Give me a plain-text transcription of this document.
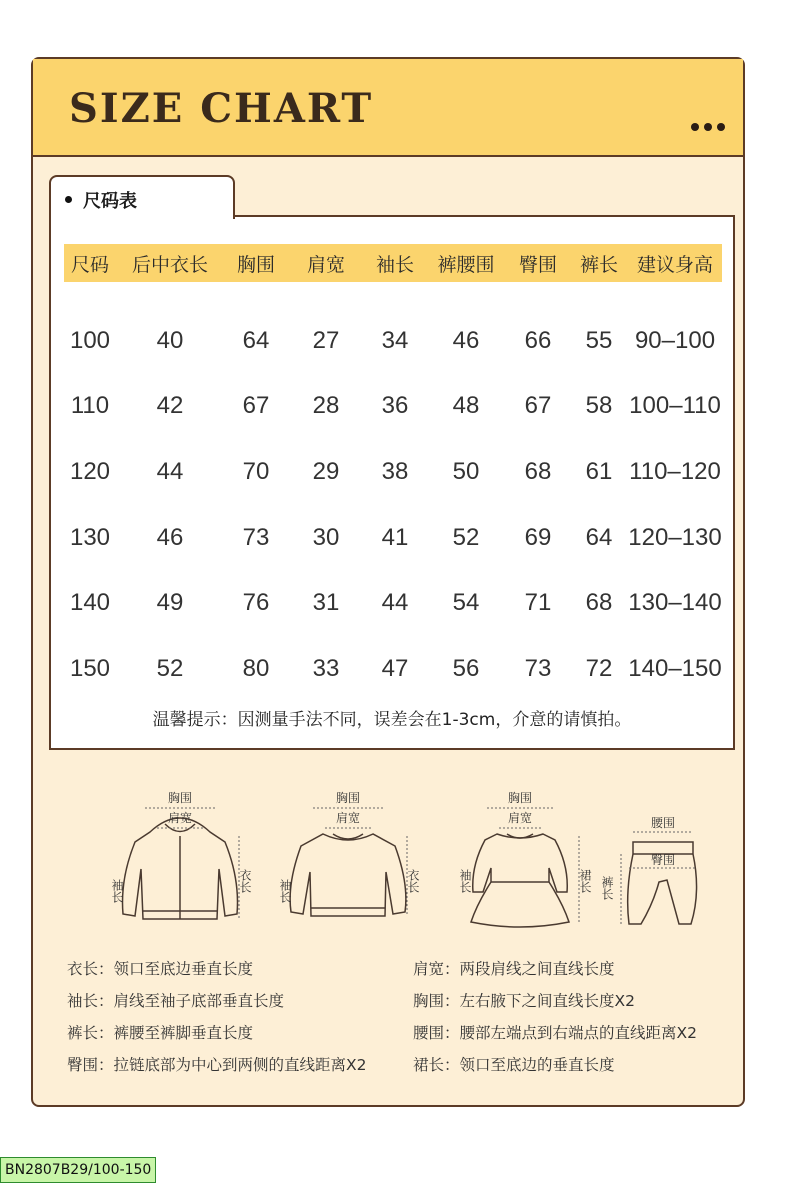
SIZE CHART
尺码表
尺码	后中衣长	胸围	肩宽	袖长	裤腰围	臀围	裤长	建议身高
100	40	64	27	34	46	66	55	90–100
110	42	67	28	36	48	67	58	100–110
120	44	70	29	38	50	68	61	110–120
130	46	73	30	41	52	69	64	120–130
140	49	76	31	44	54	71	68	130–140
150	52	80	33	47	56	73	72	140–150
温馨提示：因测量手法不同，误差会在1-3cm，介意的请慎拍。
胸围
肩宽
袖长	衣长
胸围
肩宽
袖长	衣长
胸围
肩宽
袖长	裙长
腰围
臀围
裤长
衣长：领口至底边垂直长度
袖长：肩线至袖子底部垂直长度
裤长：裤腰至裤脚垂直长度
臀围：拉链底部为中心到两侧的直线距离X2
肩宽：两段肩线之间直线长度
胸围：左右腋下之间直线长度X2
腰围：腰部左端点到右端点的直线距离X2
裙长：领口至底边的垂直长度
BN2807B29/100-150
